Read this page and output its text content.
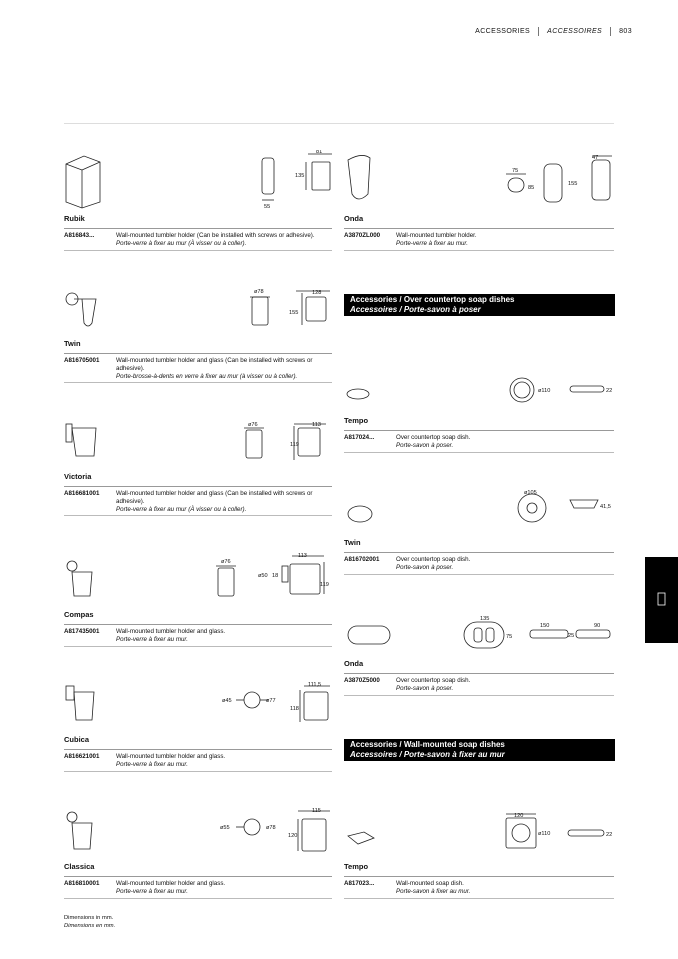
ACCESSORIES ACCESSOIRES 803
81
135
55
Rubik
A816843...	Wall-mounted tumbler holder (Can be installed with screws or adhesive).
Porte-verre à fixer au mur (À visser ou à coller).
ø78	128
155
Twin
A816705001	Wall-mounted tumbler holder and glass (Can be installed with screws or adhesive).
Porte-brosse-à-dents en verre à fixer au mur (à visser ou à coller).
ø76	113
119
Victoria
A816681001	Wall-mounted tumbler holder and glass (Can be installed with screws or adhesive).
Porte-verre à fixer au mur (À visser ou à coller).
ø76
113
ø50 18
119
Compas
A817435001	Wall-mounted tumbler holder and glass.
Porte-verre à fixer au mur.
ø45	ø77
111,5
118
Cubica
A816621001	Wall-mounted tumbler holder and glass.
Porte-verre à fixer au mur.
115
ø55	ø78
120
Classica
A816810001	Wall-mounted tumbler holder and glass.
Porte-verre à fixer au mur.
75
85
155
47
Onda
A3870ZL000	Wall-mounted tumbler holder.
Porte-verre à fixer au mur.
Accessories / Over countertop soap dishes
Accessoires / Porte-savon à poser
ø110	22
Tempo
A817024...	Over countertop soap dish.
Porte-savon à poser.
ø105
41,5
Twin
A816702001	Over countertop soap dish.
Porte-savon à poser.
135
75
150
25
90
Onda
A3870Z5000	Over countertop soap dish.
Porte-savon à poser.
Accessories / Wall-mounted soap dishes
Accessoires / Porte-savon à fixer au mur
120
ø110	22
Tempo
A817023...	Wall-mounted soap dish.
Porte-savon à fixer au mur.
Dimensions in mm.
Dimensions en mm.
